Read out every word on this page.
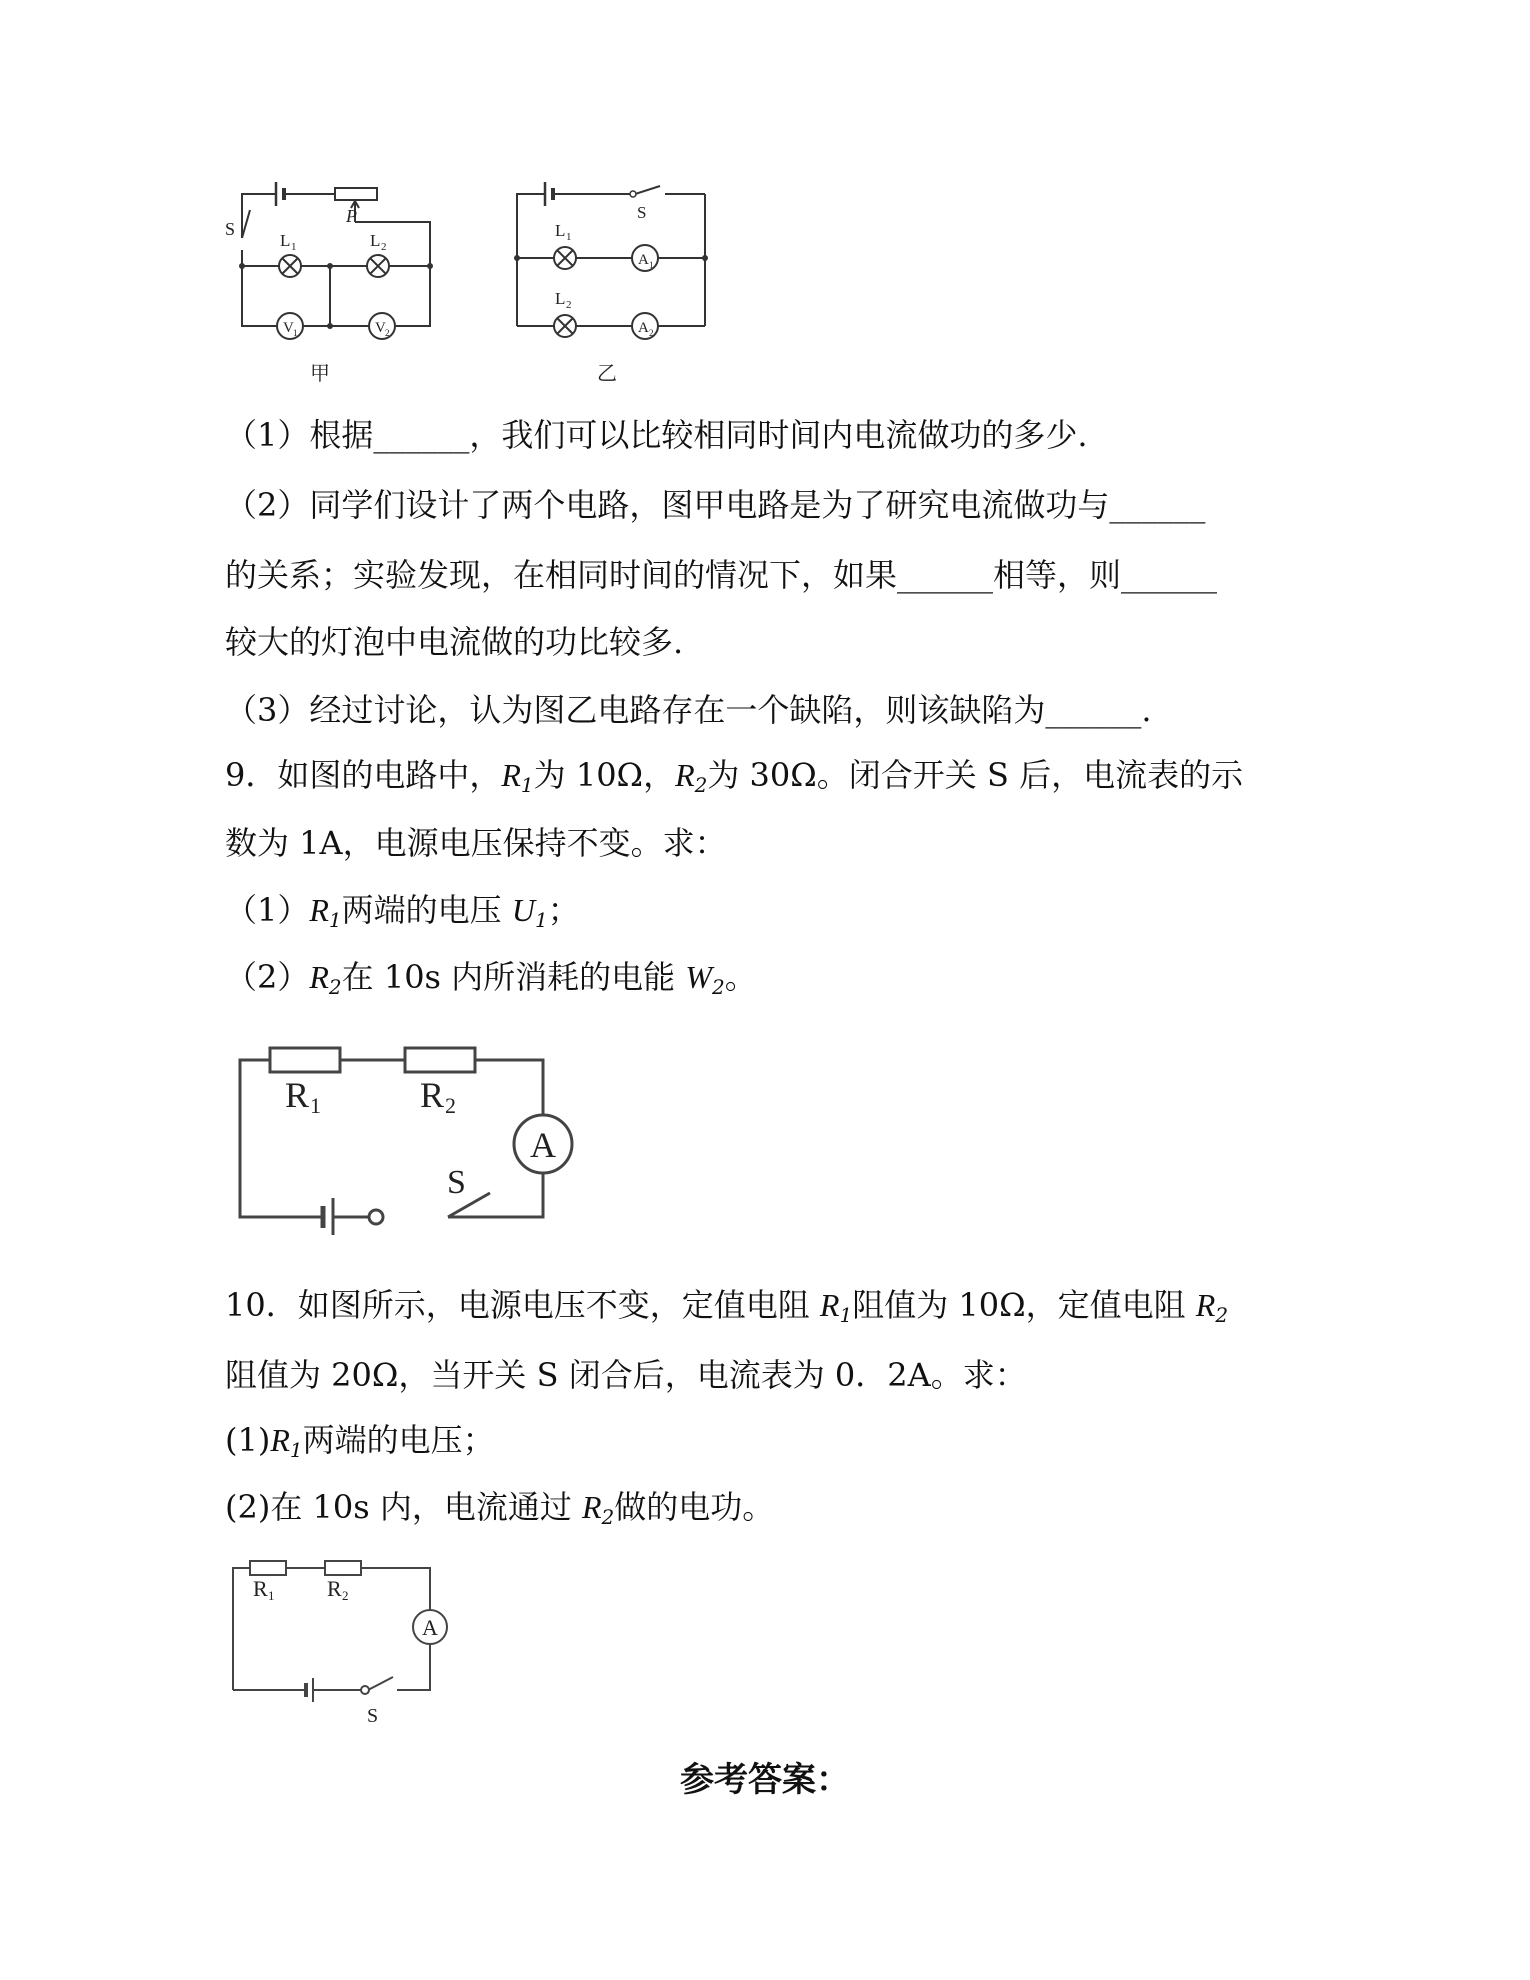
S
P
L 1	L 2
V 1	V 2
甲
S
L 1
L 2
A 1
A 2
乙
（1）根据______，我们可以比较相同时间内电流做功的多少.
（2）同学们设计了两个电路，图甲电路是为了研究电流做功与______
的关系；实验发现，在相同时间的情况下，如果______相等，则______
较大的灯泡中电流做的功比较多.
（3）经过讨论，认为图乙电路存在一个缺陷，则该缺陷为______.
9．如图的电路中，$R_1$为 10Ω，$R_2$为 30Ω。闭合开关 S 后，电流表的示
数为 1A，电源电压保持不变。求：
$(1)R_1$两端的电压 $U_1$；
$(2)R_2$在 10s 内所消耗的电能 $W_2$。
A
R 1	R 2
S
10．如图所示，电源电压不变，定值电阻 $R_1$阻值为 10Ω，定值电阻 $R_2$
阻值为 20Ω，当开关 S 闭合后，电流表为 0．2A。求：
$(1)R_1$两端的电压；
(2)在 10s 内，电流通过 $R_2$做的电功。
A
R 1 R 2
S
参考答案：
